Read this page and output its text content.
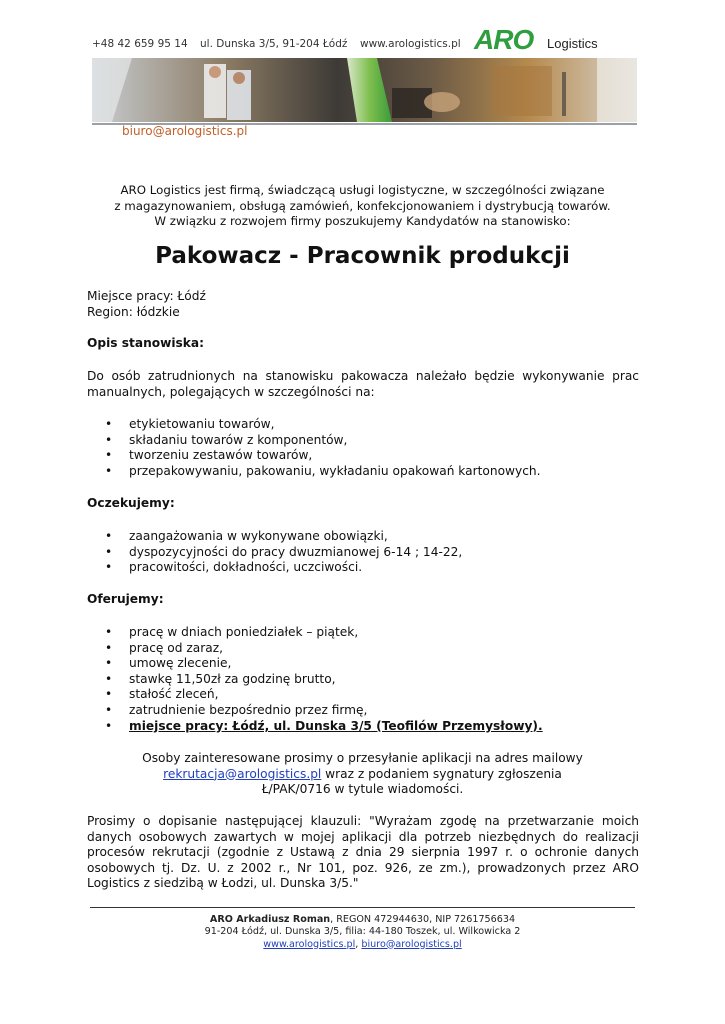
+48 42 659 95 14 ul. Dunska 3/5, 91-204 Łódź www.arologistics.pl ARO Logistics
biuro@arologistics.pl
ARO Logistics jest firmą, świadczącą usługi logistyczne, w szczególności związane
z magazynowaniem, obsługą zamówień, konfekcjonowaniem i dystrybucją towarów.
W związku z rozwojem firmy poszukujemy Kandydatów na stanowisko:
Pakowacz - Pracownik produkcji
Miejsce pracy: Łódź
Region: łódzkie
Opis stanowiska:
Do osób zatrudnionych na stanowisku pakowacza należało będzie wykonywanie prac manualnych, polegających w szczególności na:
• etykietowaniu towarów,
• składaniu towarów z komponentów,
• tworzeniu zestawów towarów,
• przepakowywaniu, pakowaniu, wykładaniu opakowań kartonowych.
Oczekujemy:
• zaangażowania w wykonywane obowiązki,
• dyspozycyjności do pracy dwuzmianowej 6-14 ; 14-22,
• pracowitości, dokładności, uczciwości.
Oferujemy:
• pracę w dniach poniedziałek – piątek,
• pracę od zaraz,
• umowę zlecenie,
• stawkę 11,50zł za godzinę brutto,
• stałość zleceń,
• zatrudnienie bezpośrednio przez firmę,
• miejsce pracy: Łódź, ul. Dunska 3/5 (Teofilów Przemysłowy).
Osoby zainteresowane prosimy o przesyłanie aplikacji na adres mailowy
rekrutacja@arologistics.pl wraz z podaniem sygnatury zgłoszenia
Ł/PAK/0716 w tytule wiadomości.
Prosimy o dopisanie następującej klauzuli: "Wyrażam zgodę na przetwarzanie moich danych osobowych zawartych w mojej aplikacji dla potrzeb niezbędnych do realizacji procesów rekrutacji (zgodnie z Ustawą z dnia 29 sierpnia 1997 r. o ochronie danych osobowych tj. Dz. U. z 2002 r., Nr 101, poz. 926, ze zm.), prowadzonych przez ARO Logistics z siedzibą w Łodzi, ul. Dunska 3/5."
ARO Arkadiusz Roman, REGON 472944630, NIP 7261756634
91-204 Łódź, ul. Dunska 3/5, filia: 44-180 Toszek, ul. Wilkowicka 2
www.arologistics.pl, biuro@arologistics.pl
